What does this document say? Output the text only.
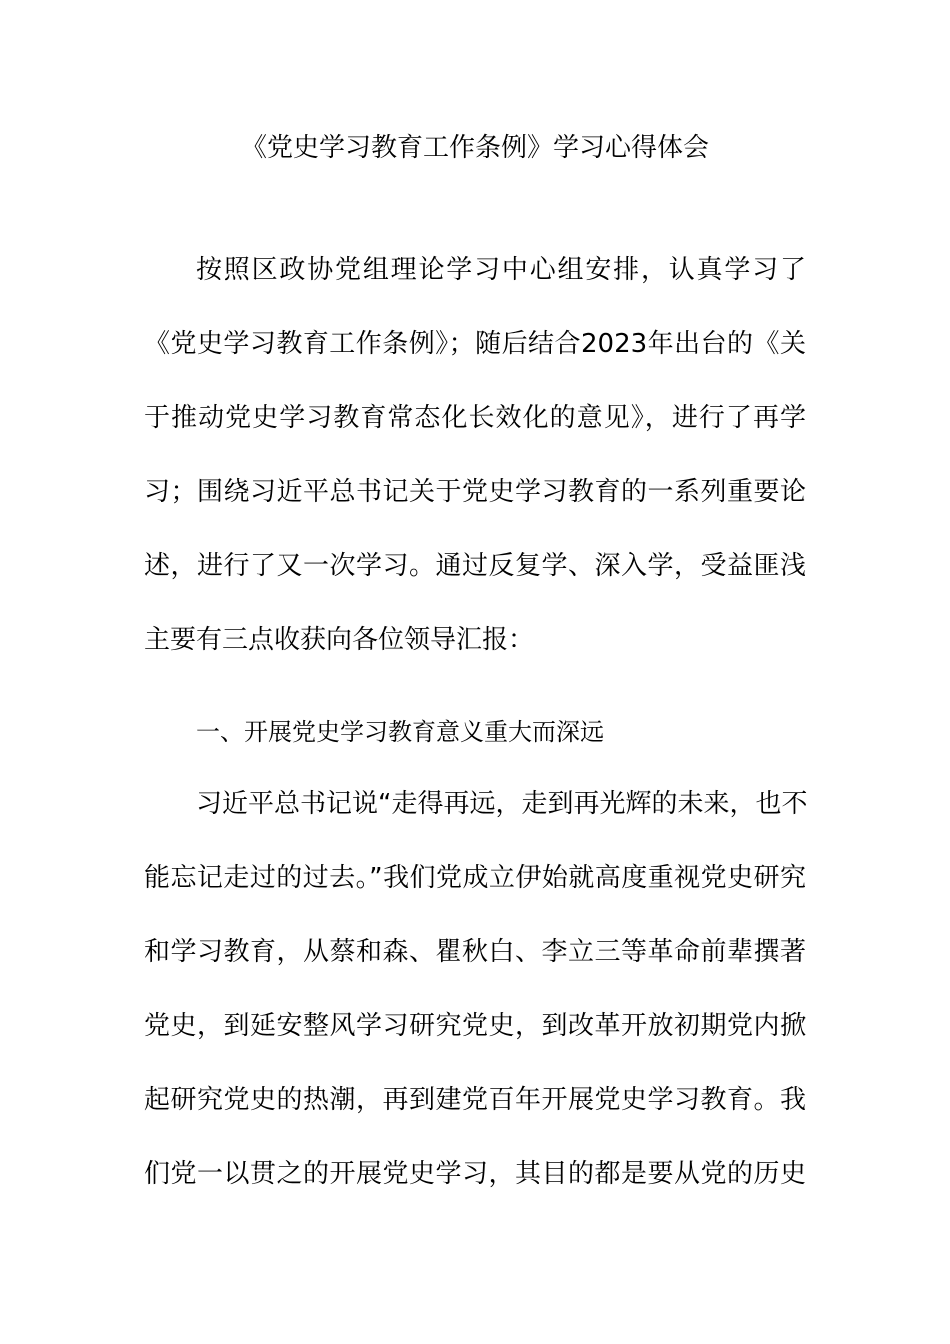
《党史学习教育工作条例》学习心得体会

按照区政协党组理论学习中心组安排，认真学习了

《党史学习教育工作条例》；随后结合2023年出台的《关

于推动党史学习教育常态化长效化的意见》，进行了再学

习；围绕习近平总书记关于党史学习教育的一系列重要论

述，进行了又一次学习。通过反复学、深入学，受益匪浅

主要有三点收获向各位领导汇报：

一、开展党史学习教育意义重大而深远

习近平总书记说“走得再远，走到再光辉的未来，也不

能忘记走过的过去。”我们党成立伊始就高度重视党史研究

和学习教育，从蔡和森、瞿秋白、李立三等革命前辈撰著

党史，到延安整风学习研究党史，到改革开放初期党内掀

起研究党史的热潮，再到建党百年开展党史学习教育。我

们党一以贯之的开展党史学习，其目的都是要从党的历史
